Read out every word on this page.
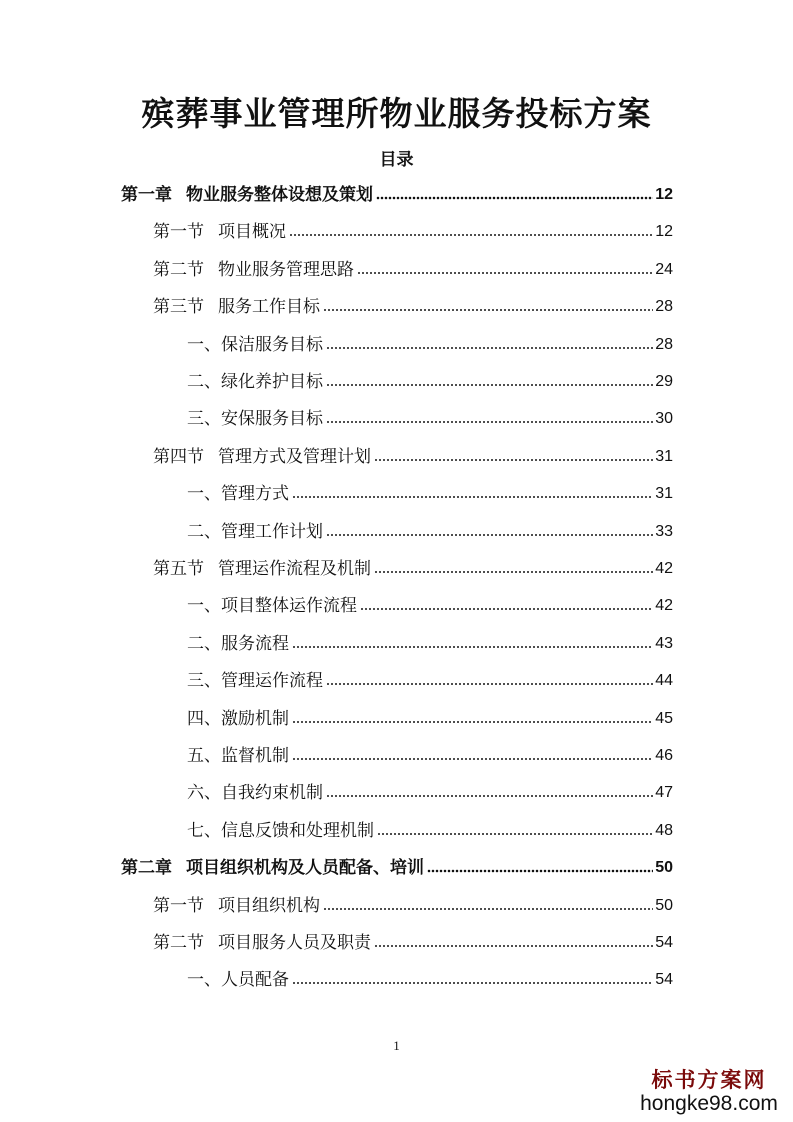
殡葬事业管理所物业服务投标方案
目录
第一章 物业服务整体设想及策划	12
第一节 项目概况	12
第二节 物业服务管理思路	24
第三节 服务工作目标	28
一、保洁服务目标	28
二、绿化养护目标	29
三、安保服务目标	30
第四节 管理方式及管理计划	31
一、管理方式	31
二、管理工作计划	33
第五节 管理运作流程及机制	42
一、项目整体运作流程	42
二、服务流程	43
三、管理运作流程	44
四、激励机制	45
五、监督机制	46
六、自我约束机制	47
七、信息反馈和处理机制	48
第二章 项目组织机构及人员配备、培训	50
第一节 项目组织机构	50
第二节 项目服务人员及职责	54
一、人员配备	54
1
标书方案网
hongke98.com
